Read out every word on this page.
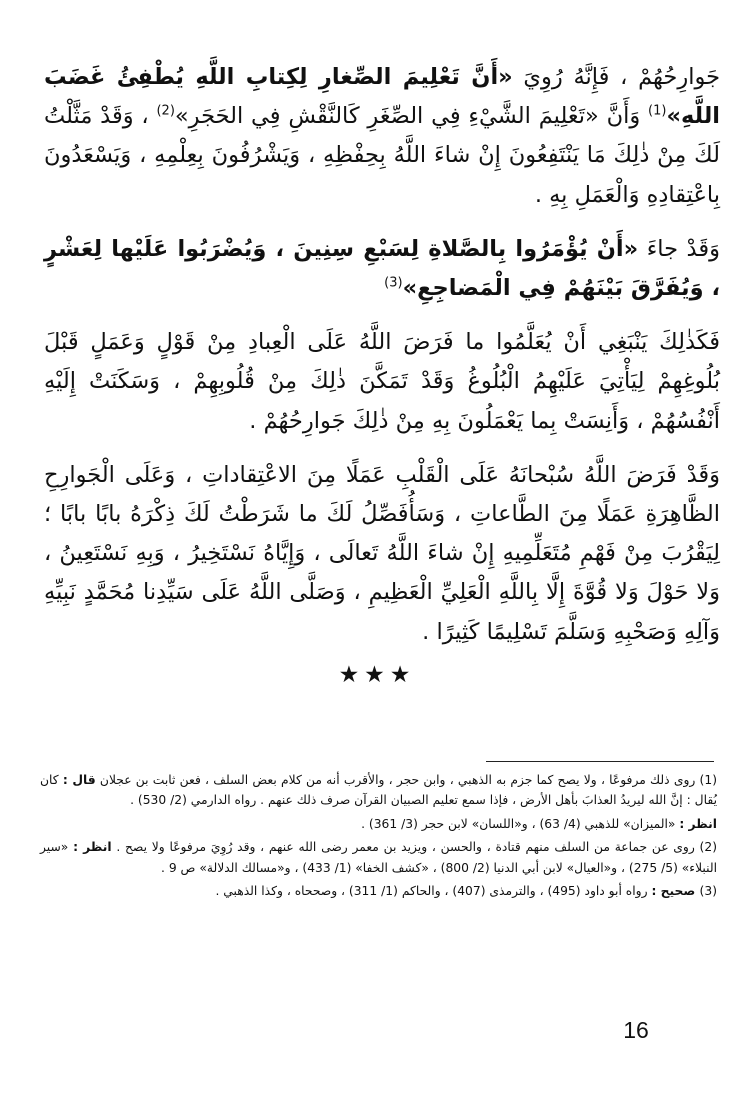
جَوارِحُهُمْ ، فَإِنَّهُ رُوِيَ «أَنَّ تَعْلِيمَ الصِّغارِ لِكِتابِ اللَّهِ يُطْفِئُ غَضَبَ اللَّهِ»$^{(1)}$ وَأَنَّ «تَعْلِيمَ الشَّيْءِ فِي الصِّغَرِ كَالنَّقْشِ فِي الحَجَرِ»$^{(2)}$ ، وَقَدْ مَثَّلْتُ لَكَ مِنْ ذٰلِكَ مَا يَنْتَفِعُونَ إِنْ شاءَ اللَّهُ بِحِفْظِهِ ، وَيَشْرُفُونَ بِعِلْمِهِ ، وَيَسْعَدُونَ بِاعْتِقادِهِ وَالْعَمَلِ بِهِ .

وَقَدْ جاءَ «أَنْ يُؤْمَرُوا بِالصَّلاةِ لِسَبْعِ سِنِينَ ، وَيُضْرَبُوا عَلَيْها لِعَشْرٍ ، وَيُفَرَّقَ بَيْنَهُمْ فِي الْمَضاجِعِ»$^{(3)}$

فَكَذٰلِكَ يَنْبَغِي أَنْ يُعَلَّمُوا ما فَرَضَ اللَّهُ عَلَى الْعِبادِ مِنْ قَوْلٍ وَعَمَلٍ قَبْلَ بُلُوغِهِمْ لِيَأْتِيَ عَلَيْهِمُ الْبُلُوغُ وَقَدْ تَمَكَّنَ ذٰلِكَ مِنْ قُلُوبِهِمْ ، وَسَكَنَتْ إِلَيْهِ أَنْفُسُهُمْ ، وَأَنِسَتْ بِما يَعْمَلُونَ بِهِ مِنْ ذٰلِكَ جَوارِحُهُمْ .

وَقَدْ فَرَضَ اللَّهُ سُبْحانَهُ عَلَى الْقَلْبِ عَمَلًا مِنَ الاعْتِقاداتِ ، وَعَلَى الْجَوارِحِ الظَّاهِرَةِ عَمَلًا مِنَ الطَّاعاتِ ، وَسَأُفَصِّلُ لَكَ ما شَرَطْتُ لَكَ ذِكْرَهُ بابًا بابًا ؛ لِيَقْرُبَ مِنْ فَهْمِ مُتَعَلِّمِيهِ إِنْ شاءَ اللَّهُ تَعالَى ، وَإِيَّاهُ نَسْتَخِيرُ ، وَبِهِ نَسْتَعِينُ ، وَلا حَوْلَ وَلا قُوَّةَ إِلَّا بِاللَّهِ الْعَلِيِّ الْعَظِيمِ ، وَصَلَّى اللَّهُ عَلَى سَيِّدِنا مُحَمَّدٍ نَبِيِّهِ وَآلِهِ وَصَحْبِهِ وَسَلَّمَ تَسْلِيمًا كَثِيرًا .

★★★

(1) روى ذلك مرفوعًا ، ولا يصح كما جزم به الذهبي ، وابن حجر ، والأقرب أنه من كلام بعض السلف ، فعن ثابت بن عجلان قال : كان يُقال : إنَّ الله ليريدُ العذابَ بأهل الأرض ، فإذا سمع تعليم الصبيان القرآن صرف ذلك عنهم . رواه الدارمي (2/ 530) .

انظر : «الميزان» للذهبي (4/ 63) ، و«اللسان» لابن حجر (3/ 361) .

(2) روى عن جماعة من السلف منهم قتادة ، والحسن ، ويزيد بن معمر رضى الله عنهم ، وقد رُوِيَ مرفوعًا ولا يصح . انظر : «سير النبلاء» (5/ 275) ، و«العيال» لابن أبي الدنيا (2/ 800) ، «كشف الخفا» (1/ 433) ، و«مسالك الدلالة» ص 9 .

(3) صحيح : رواه أبو داود (495) ، والترمذى (407) ، والحاكم (1/ 311) ، وصححاه ، وكذا الذهبي .

16
